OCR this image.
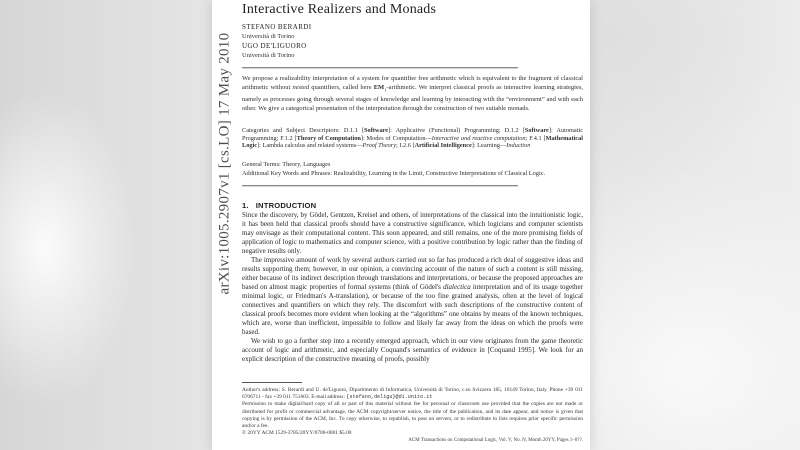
arXiv:1005.2907v1 [cs.LO] 17 May 2010
Interactive Realizers and Monads
STEFANO BERARDI
Università di Torino
UGO DE'LIGUORO
Università di Torino

We propose a realizability interpretation of a system for quantifier free arithmetic which is equivalent to the fragment of classical arithmetic without nested quantifiers, called here $EM_1$-arithmetic. We interpret classical proofs as interactive learning strategies, namely as processes going through several stages of knowledge and learning by interacting with the “environment” and with each other. We give a categorical presentation of the interpretation through the construction of two suitable monads.

Categories and Subject Descriptors: D.1.1 [Software]: Applicative (Functional) Programming; D.1.2 [Software]: Automatic Programming; F.1.2 [Theory of Computation]: Modes of Computation—Interactive and reactive computation; F.4.1 [Mathematical Logic]: Lambda calculus and related systems—Proof Theory; I.2.6 [Artificial Intelligence]: Learning—Induction

General Terms: Theory, Languages

Additional Key Words and Phrases: Realizability, Learning in the Limit, Constructive Interpretations of Classical Logic.

1. INTRODUCTION

Since the discovery, by Gödel, Gentzen, Kreisel and others, of interpretations of the classical into the intuitionistic logic, it has been held that classical proofs should have a constructive significance, which logicians and computer scientists may envisage as their computational content. This soon appeared, and still remains, one of the more promising fields of application of logic to mathematics and computer science, with a positive contribution by logic rather than the finding of negative results only.

The impressive amount of work by several authors carried out so far has produced a rich deal of suggestive ideas and results supporting them; however, in our opinion, a convincing account of the nature of such a content is still missing, either because of its indirect description through translations and interpretations, or because the proposed approaches are based on almost magic properties of formal systems (think of Gödel's dialectica interpretation and of its usage together minimal logic, or Friedman's A-translation), or because of the too fine grained analysis, often at the level of logical connectives and quantifiers on which they rely. The discomfort with such descriptions of the constructive content of classical proofs becomes more evident when looking at the “algorithms” one obtains by means of the known techniques, which are, worse than inefficient, impossible to follow and likely far away from the ideas on which the proofs were based.

We wish to go a further step into a recently emerged approach, which in our view originates from the game theoretic account of logic and arithmetic, and especially Coquand's semantics of evidence in [Coquand 1995]. We look for an explicit description of the constructive meaning of proofs, possibly

Author's address: S. Berardi and U. de'Liguoro, Dipartimento di Informatica, Università di Torino, c.so Svizzera 185, 10149 Torino, Italy. Phone +39 011 6706711 - fax +39 011 751603. E-mail address: {stefano,deligu}@di.unito.it

Permission to make digital/hard copy of all or part of this material without fee for personal or classroom use provided that the copies are not made or distributed for profit or commercial advantage, the ACM copyright/server notice, the title of the publication, and its date appear, and notice is given that copying is by permission of the ACM, Inc. To copy otherwise, to republish, to post on servers, or to redistribute to lists requires prior specific permission and/or a fee.

© 20YY ACM 1529-3785/20YY/0700-0001 $5.00

ACM Transactions on Computational Logic, Vol. V, No. N, Month 20YY, Pages 1–0??.
